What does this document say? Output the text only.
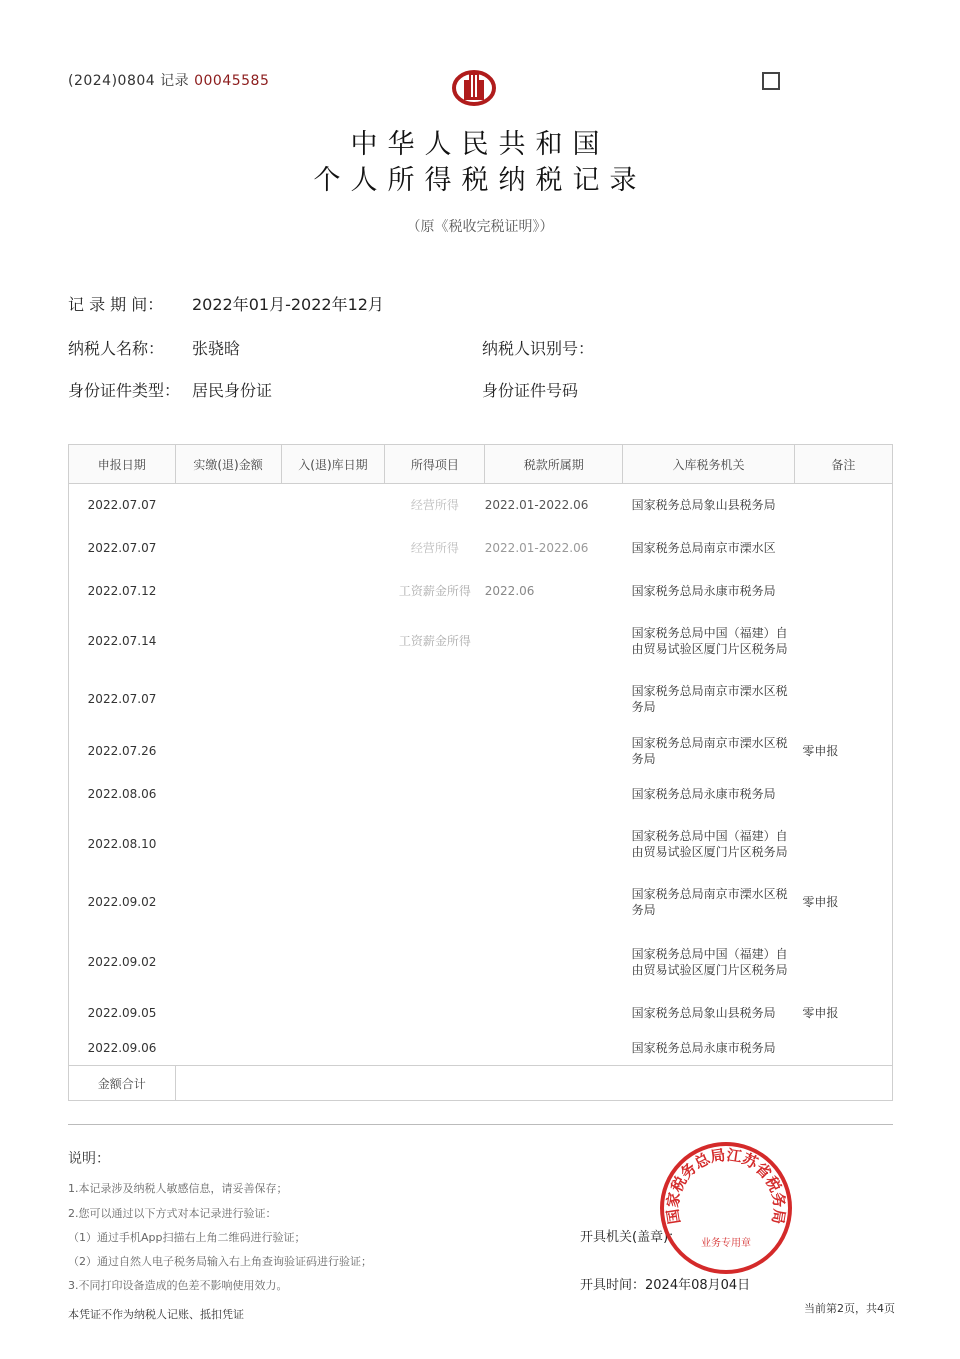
(2024)0804 记录 00045585
中华人民共和国
个人所得税纳税记录
（原《税收完税证明》）
记 录 期 间： 2022年01月-2022年12月
纳税人名称： 张骁晗	纳税人识别号：
身份证件类型： 居民身份证	身份证件号码
申报日期	实缴(退)金额	入(退)库日期	所得项目	税款所属期	入库税务机关	备注
2022.07.07			经营所得	2022.01-2022.06	国家税务总局象山县税务局	
2022.07.07			经营所得	2022.01-2022.06	国家税务总局南京市溧水区	
2022.07.12			工资薪金所得	2022.06	国家税务总局永康市税务局	
2022.07.14			工资薪金所得		国家税务总局中国（福建）自由贸易试验区厦门片区税务局	
2022.07.07					国家税务总局南京市溧水区税务局	
2022.07.26					国家税务总局南京市溧水区税务局	零申报
2022.08.06					国家税务总局永康市税务局	
2022.08.10					国家税务总局中国（福建）自由贸易试验区厦门片区税务局	
2022.09.02					国家税务总局南京市溧水区税务局	零申报
2022.09.02					国家税务总局中国（福建）自由贸易试验区厦门片区税务局	
2022.09.05					国家税务总局象山县税务局	零申报
2022.09.06					国家税务总局永康市税务局	
金额合计						
说明：
1.本记录涉及纳税人敏感信息，请妥善保存；
2.您可以通过以下方式对本记录进行验证：
（1）通过手机App扫描右上角二维码进行验证；
（2）通过自然人电子税务局输入右上角查询验证码进行验证；
3.不同打印设备造成的色差不影响使用效力。
开具机关(盖章)：
开具时间：2024年08月04日
国家税务总局江苏省税务局
业务专用章
本凭证不作为纳税人记账、抵扣凭证	当前第2页，共4页
